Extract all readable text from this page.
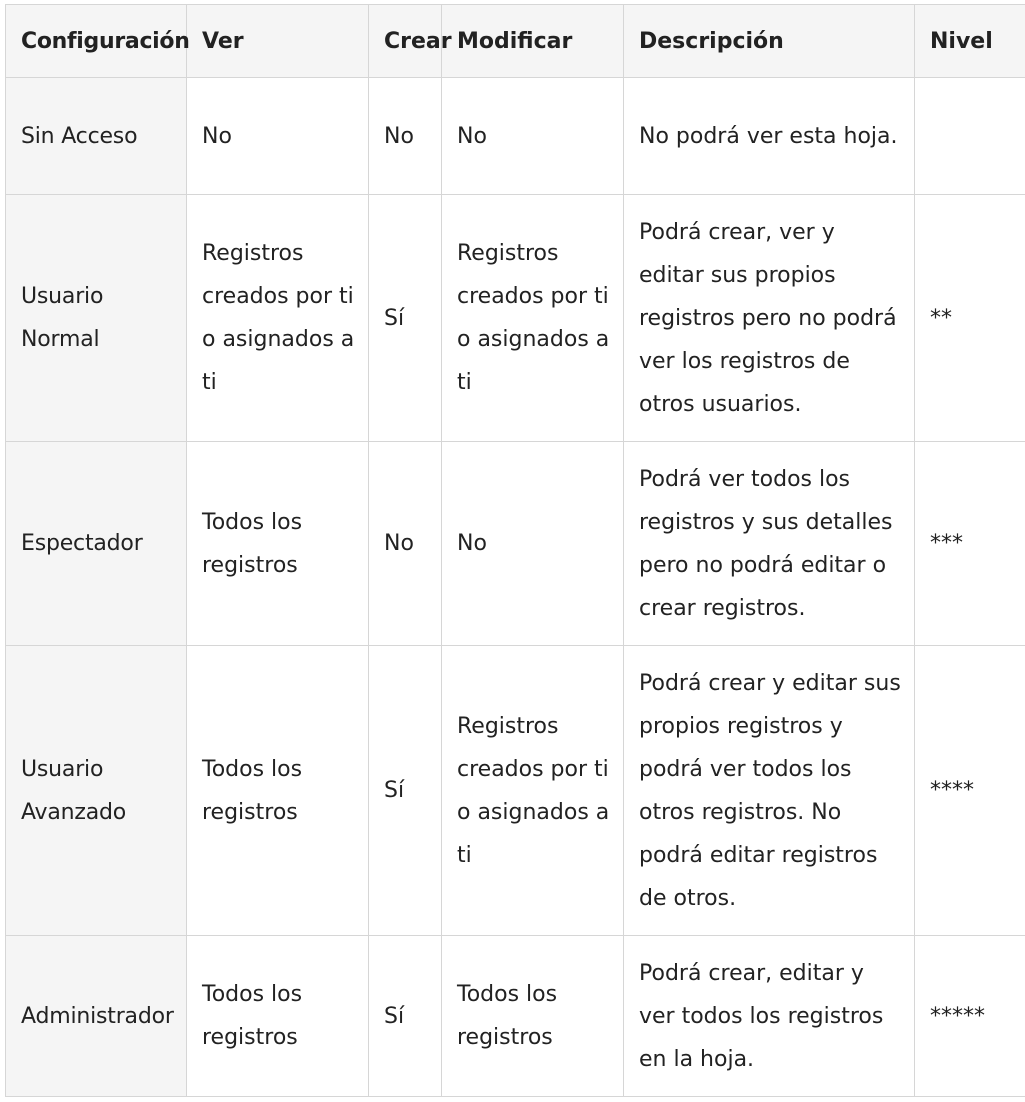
Configuración	Ver	Crear	Modificar	Descripción	Nivel
Sin Acceso	No	No	No	No podrá ver esta hoja.	
Usuario Normal	Registros creados por ti o asignados a ti	Sí	Registros creados por ti o asignados a ti	Podrá crear, ver y editar sus propios registros pero no podrá ver los registros de otros usuarios.	**
Espectador	Todos los registros	No	No	Podrá ver todos los registros y sus detalles pero no podrá editar o crear registros.	***
Usuario Avanzado	Todos los registros	Sí	Registros creados por ti o asignados a ti	Podrá crear y editar sus propios registros y podrá ver todos los otros registros. No podrá editar registros de otros.	****
Administrador	Todos los registros	Sí	Todos los registros	Podrá crear, editar y ver todos los registros en la hoja.	*****
